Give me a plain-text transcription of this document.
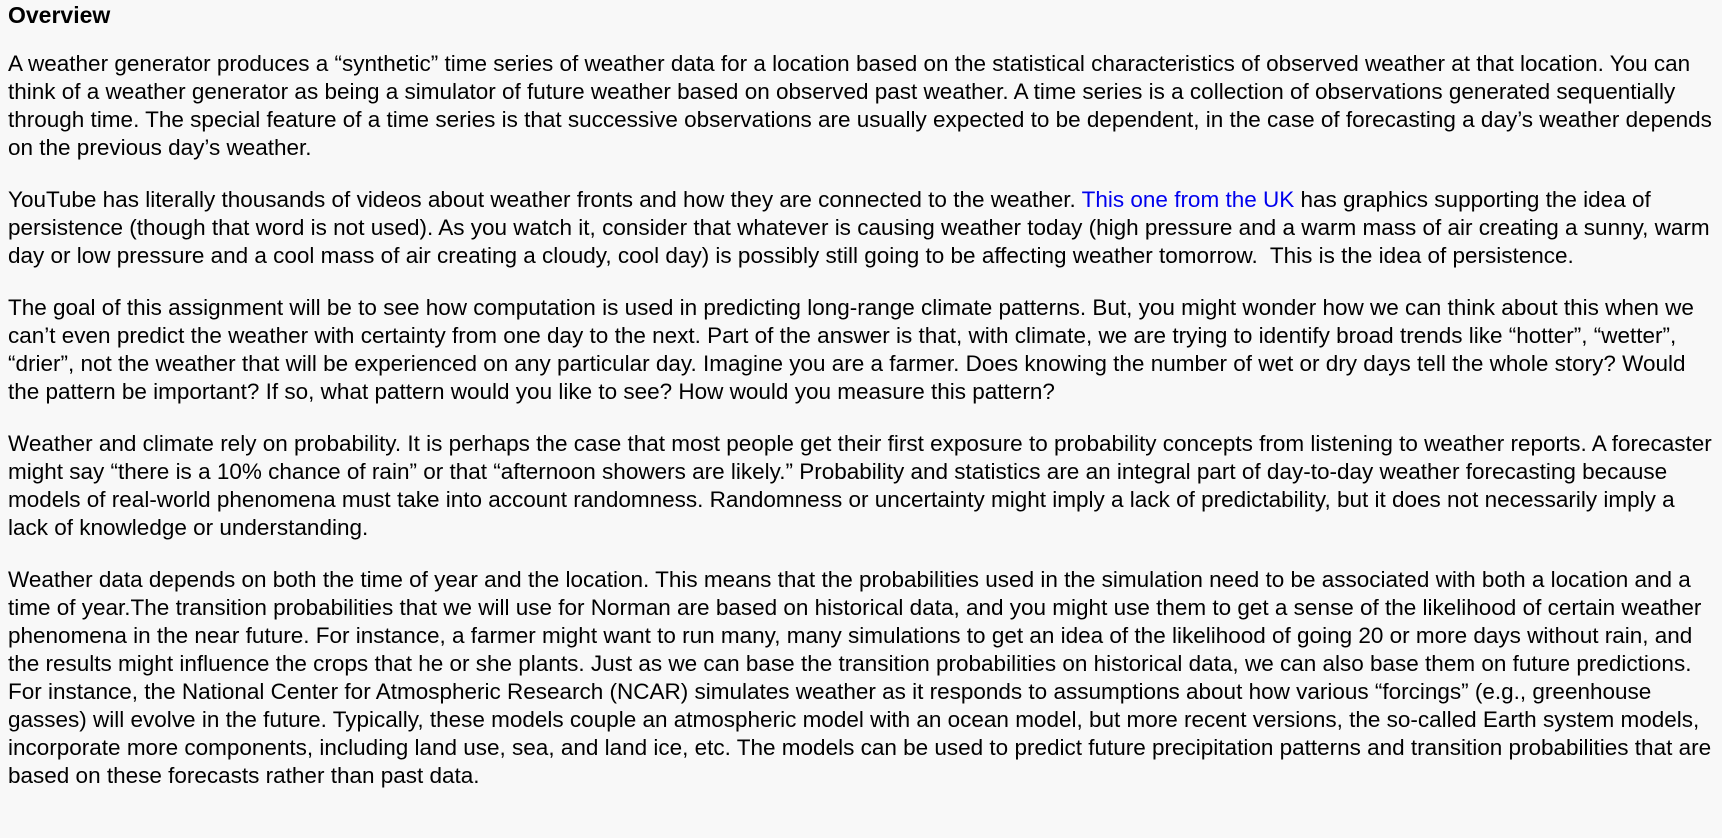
Overview

A weather generator produces a “synthetic” time series of weather data for a location based on the statistical characteristics of observed weather at that location. You can think of a weather generator as being a simulator of future weather based on observed past weather. A time series is a collection of observations generated sequentially through time. The special feature of a time series is that successive observations are usually expected to be dependent, in the case of forecasting a day’s weather depends on the previous day’s weather.

YouTube has literally thousands of videos about weather fronts and how they are connected to the weather. This one from the UK has graphics supporting the idea of persistence (though that word is not used). As you watch it, consider that whatever is causing weather today (high pressure and a warm mass of air creating a sunny, warm day or low pressure and a cool mass of air creating a cloudy, cool day) is possibly still going to be affecting weather tomorrow.  This is the idea of persistence.

The goal of this assignment will be to see how computation is used in predicting long-range climate patterns. But, you might wonder how we can think about this when we can’t even predict the weather with certainty from one day to the next. Part of the answer is that, with climate, we are trying to identify broad trends like “hotter”, “wetter”, “drier”, not the weather that will be experienced on any particular day. Imagine you are a farmer. Does knowing the number of wet or dry days tell the whole story? Would the pattern be important? If so, what pattern would you like to see? How would you measure this pattern?

Weather and climate rely on probability. It is perhaps the case that most people get their first exposure to probability concepts from listening to weather reports. A forecaster might say “there is a 10% chance of rain” or that “afternoon showers are likely.” Probability and statistics are an integral part of day-to-day weather forecasting because models of real-world phenomena must take into account randomness. Randomness or uncertainty might imply a lack of predictability, but it does not necessarily imply a lack of knowledge or understanding.

Weather data depends on both the time of year and the location. This means that the probabilities used in the simulation need to be associated with both a location and a time of year.The transition probabilities that we will use for Norman are based on historical data, and you might use them to get a sense of the likelihood of certain weather phenomena in the near future. For instance, a farmer might want to run many, many simulations to get an idea of the likelihood of going 20 or more days without rain, and the results might influence the crops that he or she plants. Just as we can base the transition probabilities on historical data, we can also base them on future predictions. For instance, the National Center for Atmospheric Research (NCAR) simulates weather as it responds to assumptions about how various “forcings” (e.g., greenhouse gasses) will evolve in the future. Typically, these models couple an atmospheric model with an ocean model, but more recent versions, the so-called Earth system models, incorporate more components, including land use, sea, and land ice, etc. The models can be used to predict future precipitation patterns and transition probabilities that are based on these forecasts rather than past data.
